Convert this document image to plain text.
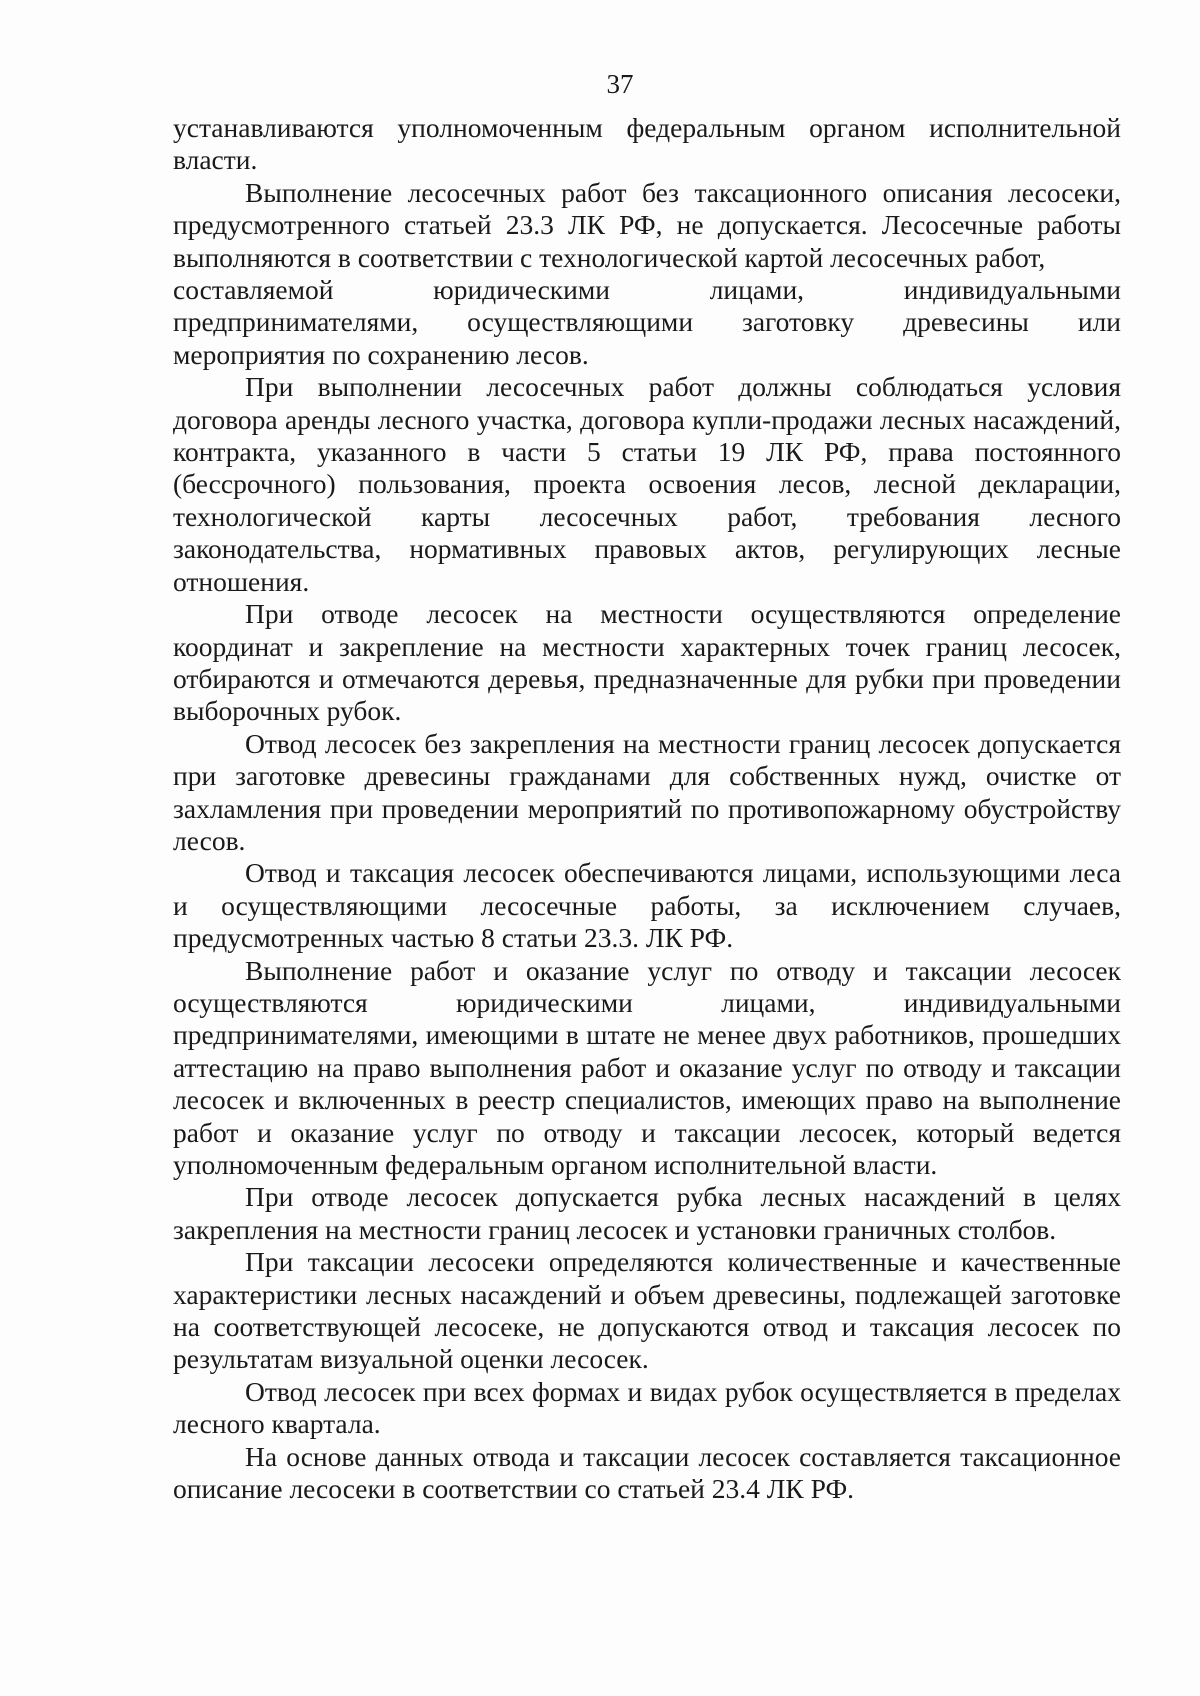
37

устанавливаются уполномоченным федеральным органом исполнительной власти.

Выполнение лесосечных работ без таксационного описания лесосеки, предусмотренного статьей 23.3 ЛК РФ, не допускается. Лесосечные работы выполняются в соответствии с технологической картой лесосечных работ,
составляемой юридическими лицами, индивидуальными
предпринимателями, осуществляющими заготовку древесины или
мероприятия по сохранению лесов.

При выполнении лесосечных работ должны соблюдаться условия договора аренды лесного участка, договора купли-продажи лесных насаждений, контракта, указанного в части 5 статьи 19 ЛК РФ, права постоянного (бессрочного) пользования, проекта освоения лесов, лесной декларации, технологической карты лесосечных работ, требования лесного законодательства, нормативных правовых актов, регулирующих лесные отношения.

При отводе лесосек на местности осуществляются определение координат и закрепление на местности характерных точек границ лесосек, отбираются и отмечаются деревья, предназначенные для рубки при проведении выборочных рубок.

Отвод лесосек без закрепления на местности границ лесосек допускается при заготовке древесины гражданами для собственных нужд, очистке от захламления при проведении мероприятий по противопожарному обустройству лесов.

Отвод и таксация лесосек обеспечиваются лицами, использующими леса и осуществляющими лесосечные работы, за исключением случаев, предусмотренных частью 8 статьи 23.3. ЛК РФ.

Выполнение работ и оказание услуг по отводу и таксации лесосек
осуществляются юридическими лицами, индивидуальными
предпринимателями, имеющими в штате не менее двух работников, прошедших аттестацию на право выполнения работ и оказание услуг по отводу и таксации лесосек и включенных в реестр специалистов, имеющих право на выполнение работ и оказание услуг по отводу и таксации лесосек, который ведется уполномоченным федеральным органом исполнительной власти.

При отводе лесосек допускается рубка лесных насаждений в целях закрепления на местности границ лесосек и установки граничных столбов.

При таксации лесосеки определяются количественные и качественные характеристики лесных насаждений и объем древесины, подлежащей заготовке на соответствующей лесосеке, не допускаются отвод и таксация лесосек по результатам визуальной оценки лесосек.

Отвод лесосек при всех формах и видах рубок осуществляется в пределах лесного квартала.

На основе данных отвода и таксации лесосек составляется таксационное описание лесосеки в соответствии со статьей 23.4 ЛК РФ.
